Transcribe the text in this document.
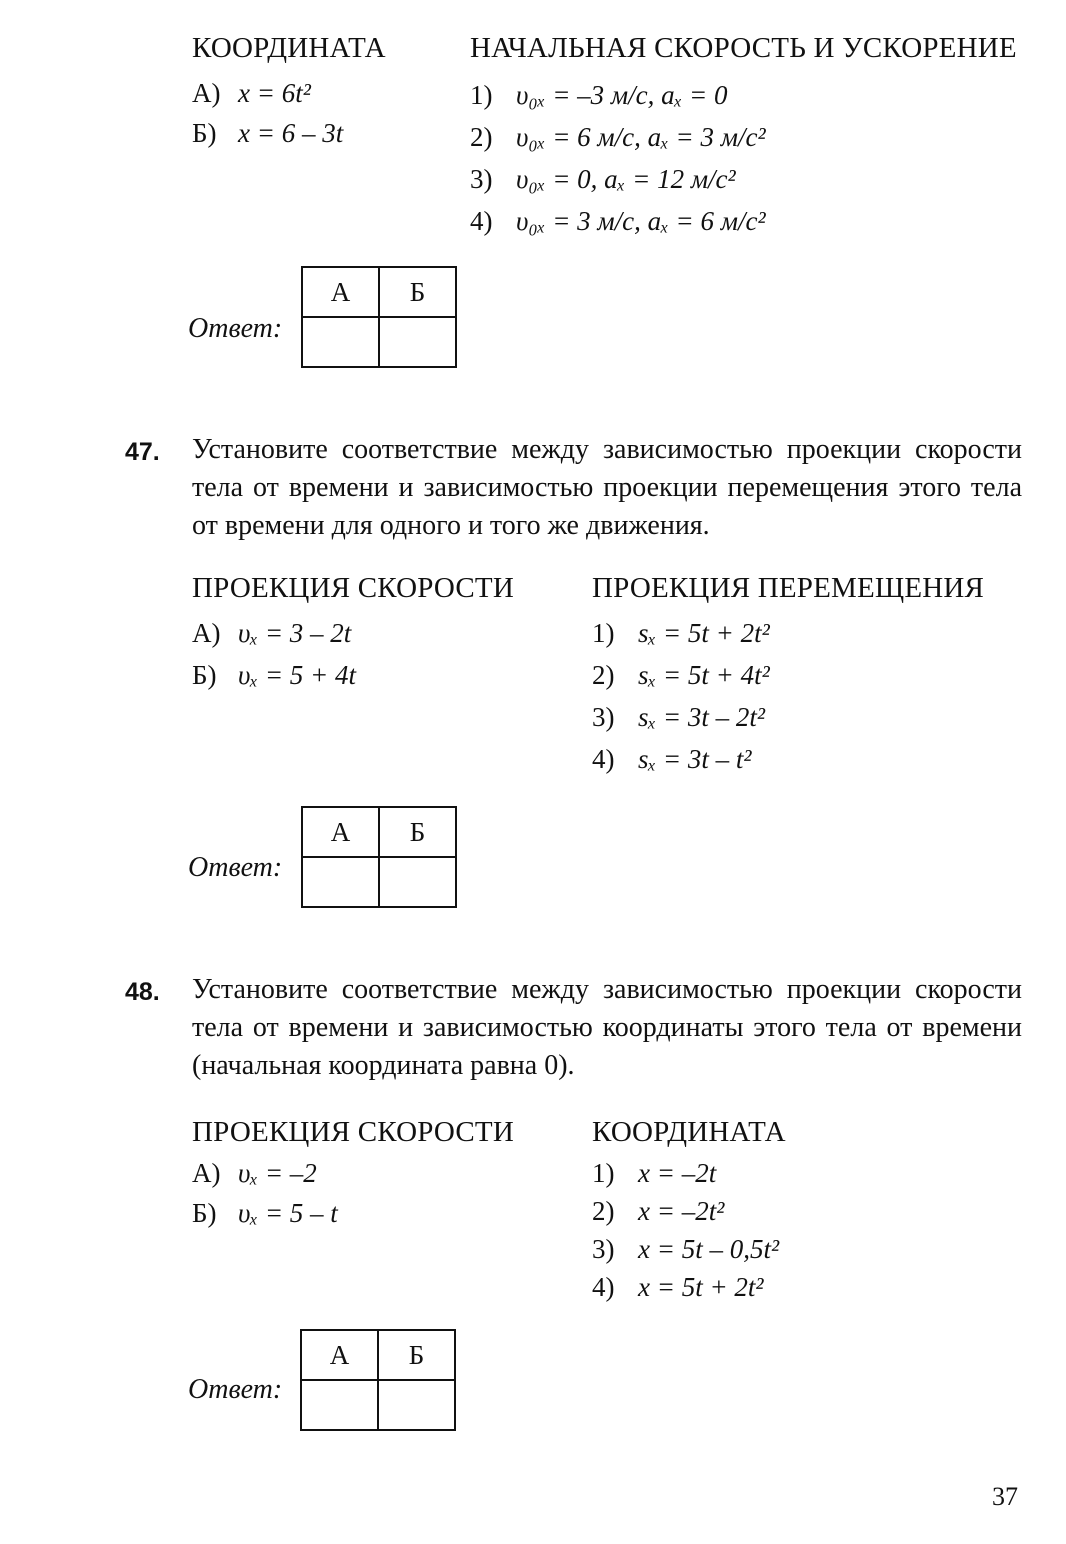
КООРДИНАТА	НАЧАЛЬНАЯ СКОРОСТЬ И УСКОРЕНИЕ
А) x = 6t²
Б) x = 6 – 3t
1) υ₀ₓ = –3 м/с, aₓ = 0
2) υ₀ₓ = 6 м/с, aₓ = 3 м/с²
3) υ₀ₓ = 0, aₓ = 12 м/с²
4) υ₀ₓ = 3 м/с, aₓ = 6 м/с²
Ответ:
А	Б

47. Установите соответствие между зависимостью проекции скорости тела от времени и зависимостью проекции перемещения этого тела от времени для одного и того же движения.
ПРОЕКЦИЯ СКОРОСТИ	ПРОЕКЦИЯ ПЕРЕМЕЩЕНИЯ
А) υₓ = 3 – 2t
Б) υₓ = 5 + 4t
1) sₓ = 5t + 2t²
2) sₓ = 5t + 4t²
3) sₓ = 3t – 2t²
4) sₓ = 3t – t²
Ответ:
А	Б

48. Установите соответствие между зависимостью проекции скорости тела от времени и зависимостью координаты этого тела от времени (начальная координата равна 0).
ПРОЕКЦИЯ СКОРОСТИ	КООРДИНАТА
А) υₓ = –2
Б) υₓ = 5 – t
1) x = –2t
2) x = –2t²
3) x = 5t – 0,5t²
4) x = 5t + 2t²
Ответ:
А	Б

37
